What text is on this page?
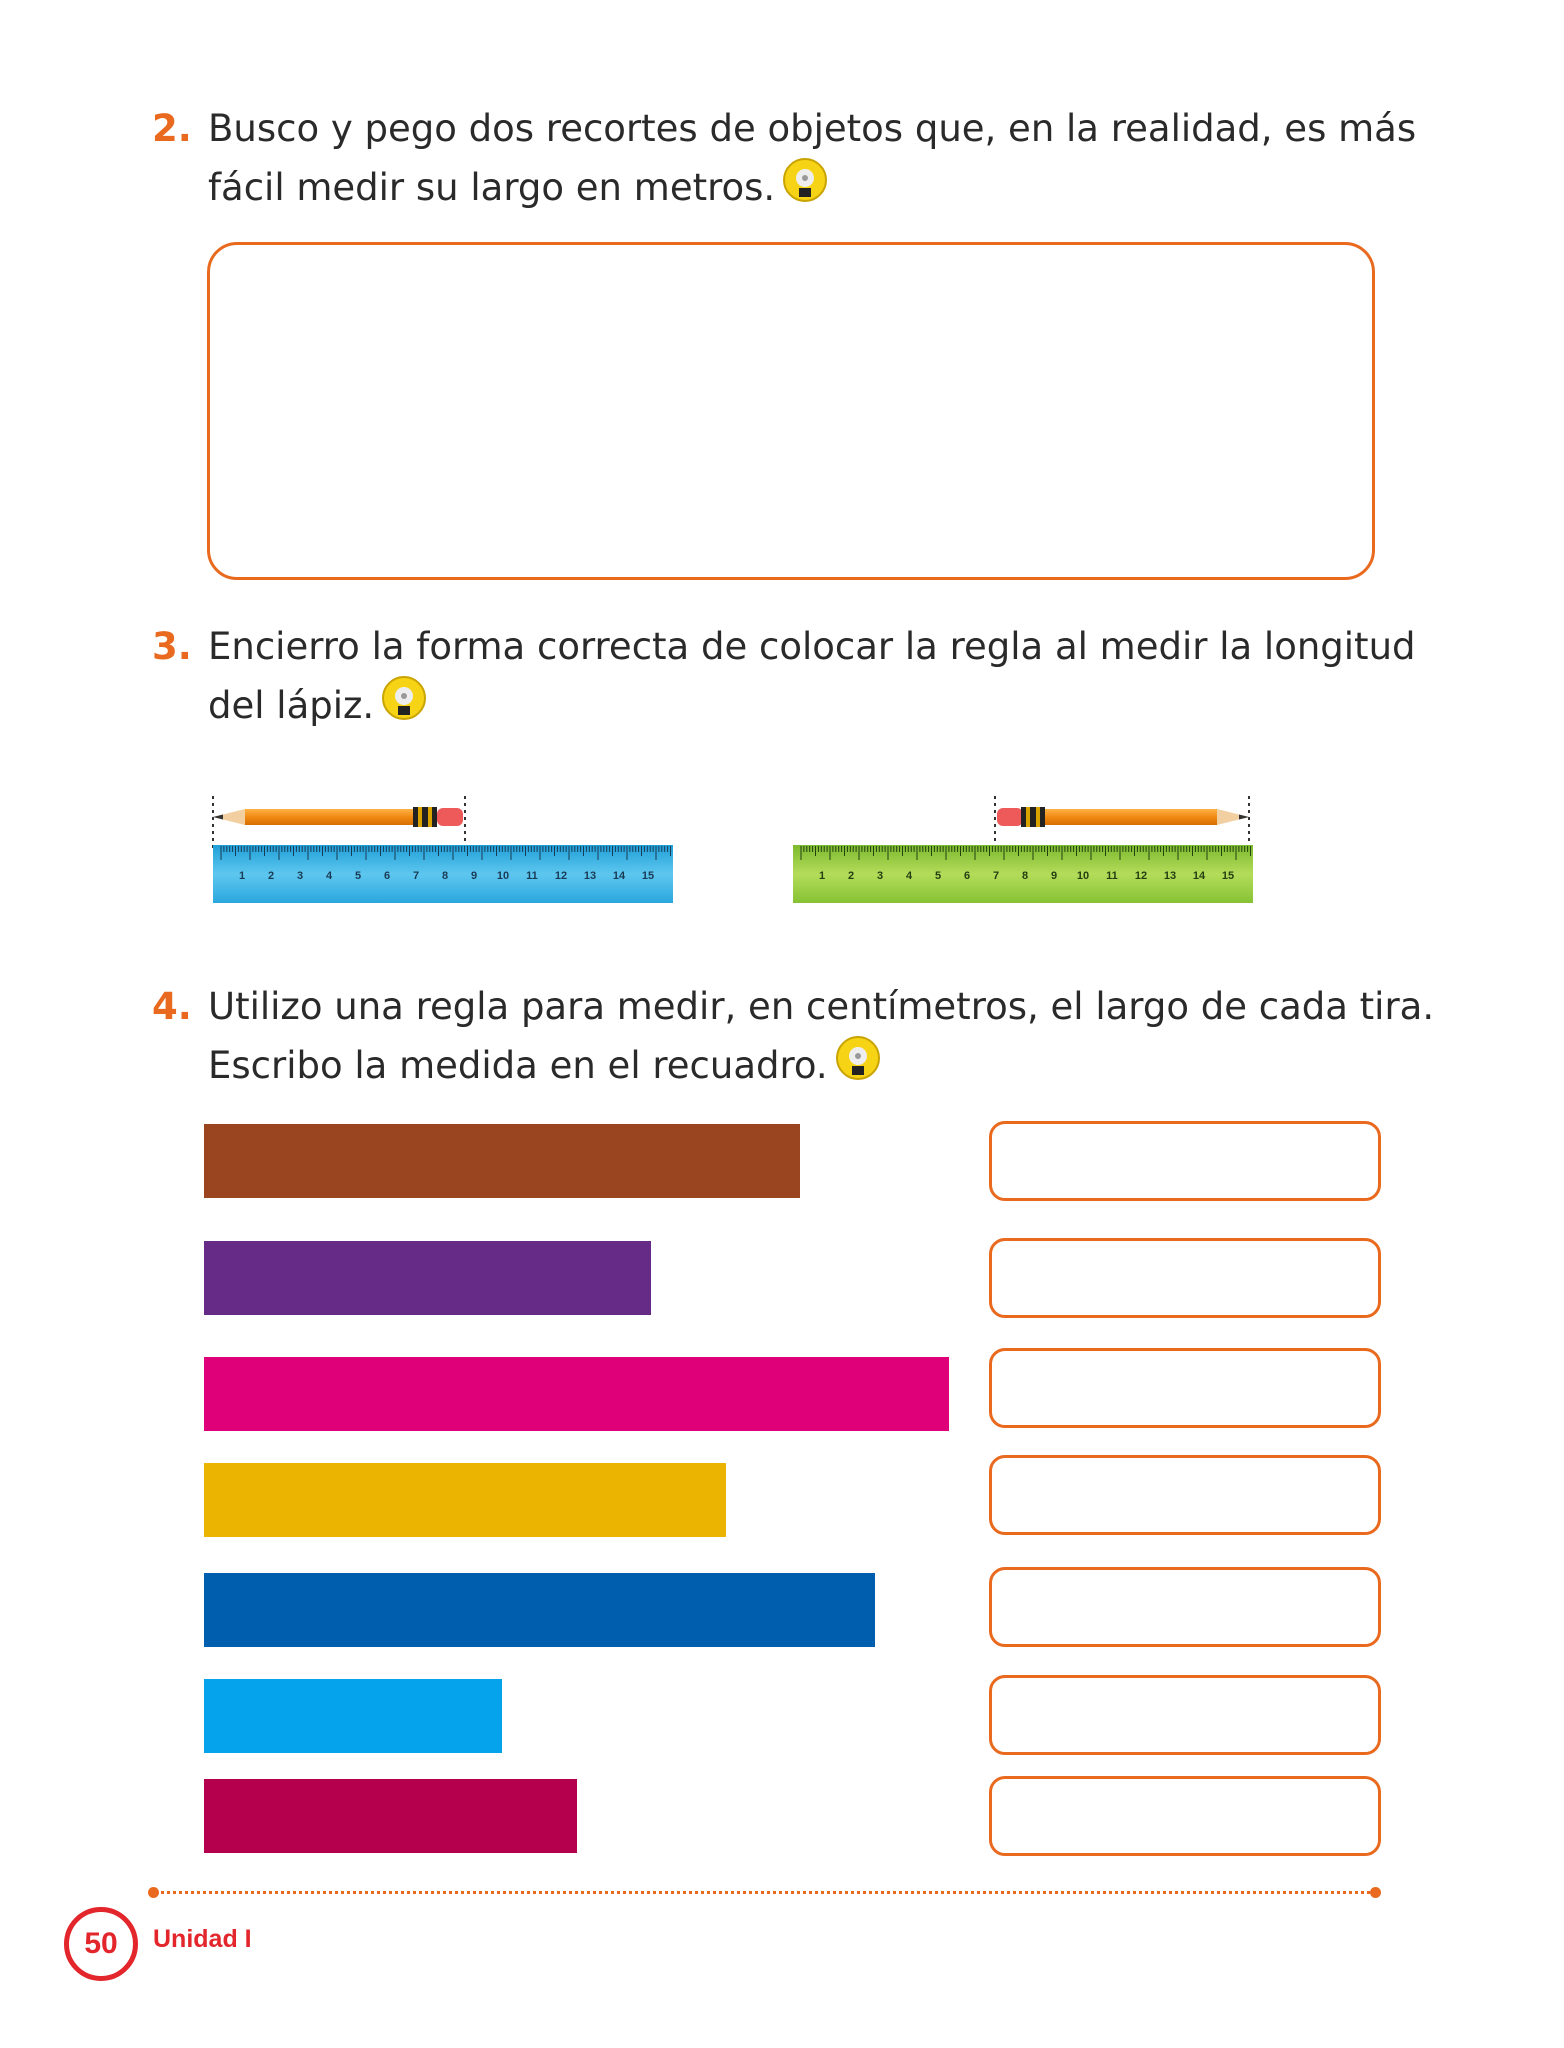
2. Busco y pego dos recortes de objetos que, en la realidad, es más
fácil medir su largo en metros.
3. Encierro la forma correcta de colocar la regla al medir la longitud
del lápiz.
1 2 3 4 5 6 7 8 9 10 11 12 13 14 15	1 2 3 4 5 6 7 8 9 10 11 12 13 14 15
4. Utilizo una regla para medir, en centímetros, el largo de cada tira.
Escribo la medida en el recuadro.
50	Unidad I
